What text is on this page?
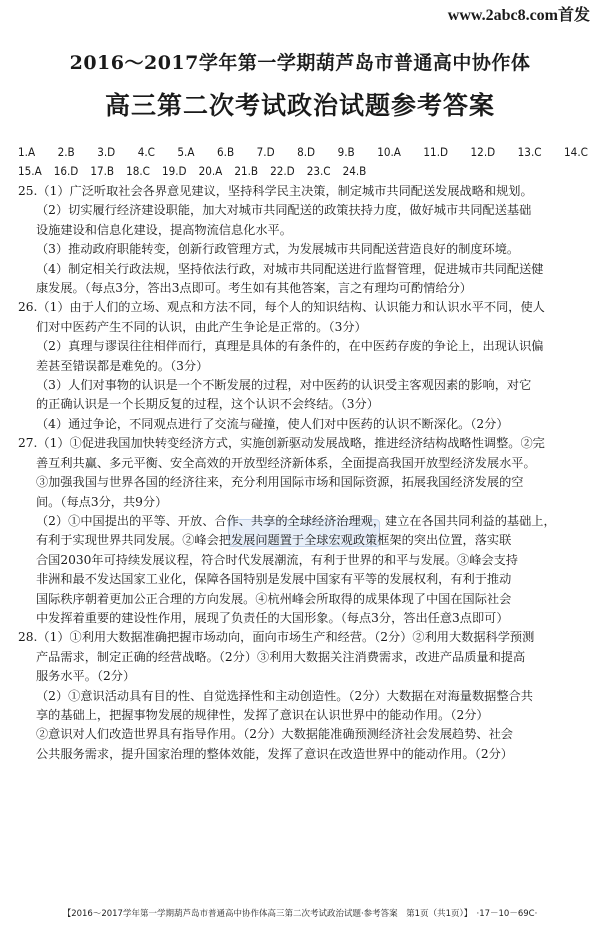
www.2abc8.com首发
2016～2017学年第一学期葫芦岛市普通高中协作体
高三第二次考试政治试题参考答案
1.A 2.B 3.D 4.C 5.A 6.B 7.D 8.D 9.B 10.A 11.D 12.D 13.C 14.C
15.A 16.D 17.B 18.C 19.D 20.A 21.B 22.D 23.C 24.B
25.（1）广泛听取社会各界意见建议，坚持科学民主决策，制定城市共同配送发展战略和规划。
（2）切实履行经济建设职能，加大对城市共同配送的政策扶持力度，做好城市共同配送基础
设施建设和信息化建设，提高物流信息化水平。
（3）推动政府职能转变，创新行政管理方式，为发展城市共同配送营造良好的制度环境。
（4）制定相关行政法规，坚持依法行政，对城市共同配送进行监督管理，促进城市共同配送健
康发展。（每点3分，答出3点即可。考生如有其他答案，言之有理均可酌情给分）
26.（1）由于人们的立场、观点和方法不同，每个人的知识结构、认识能力和认识水平不同，使人
们对中医药产生不同的认识，由此产生争论是正常的。（3分）
（2）真理与谬误往往相伴而行，真理是具体的有条件的，在中医药存废的争论上，出现认识偏
差甚至错误都是难免的。（3分）
（3）人们对事物的认识是一个不断发展的过程，对中医药的认识受主客观因素的影响，对它
的正确认识是一个长期反复的过程，这个认识不会终结。（3分）
（4）通过争论，不同观点进行了交流与碰撞，使人们对中医药的认识不断深化。（2分）
27.（1）①促进我国加快转变经济方式，实施创新驱动发展战略，推进经济结构战略性调整。②完
善互利共赢、多元平衡、安全高效的开放型经济新体系，全面提高我国开放型经济发展水平。
③加强我国与世界各国的经济往来，充分利用国际市场和国际资源，拓展我国经济发展的空
间。（每点3分，共9分）
（2）①中国提出的平等、开放、合作、共享的全球经济治理观，建立在各国共同利益的基础上，
有利于实现世界共同发展。②峰会把发展问题置于全球宏观政策框架的突出位置，落实联
合国2030年可持续发展议程，符合时代发展潮流，有利于世界的和平与发展。③峰会支持
非洲和最不发达国家工业化，保障各国特别是发展中国家有平等的发展权利，有利于推动
国际秩序朝着更加公正合理的方向发展。④杭州峰会所取得的成果体现了中国在国际社会
中发挥着重要的建设性作用，展现了负责任的大国形象。（每点3分，答出任意3点即可）
28.（1）①利用大数据准确把握市场动向，面向市场生产和经营。（2分）②利用大数据科学预测
产品需求，制定正确的经营战略。（2分）③利用大数据关注消费需求，改进产品质量和提高
服务水平。（2分）
（2）①意识活动具有目的性、自觉选择性和主动创造性。（2分）大数据在对海量数据整合共
享的基础上，把握事物发展的规律性，发挥了意识在认识世界中的能动作用。（2分）
②意识对人们改造世界具有指导作用。（2分）大数据能准确预测经济社会发展趋势、社会
公共服务需求，提升国家治理的整体效能，发挥了意识在改造世界中的能动作用。（2分）
【2016～2017学年第一学期葫芦岛市普通高中协作体高三第二次考试政治试题·参考答案　第1页（共1页）】　·17－10－69C·
